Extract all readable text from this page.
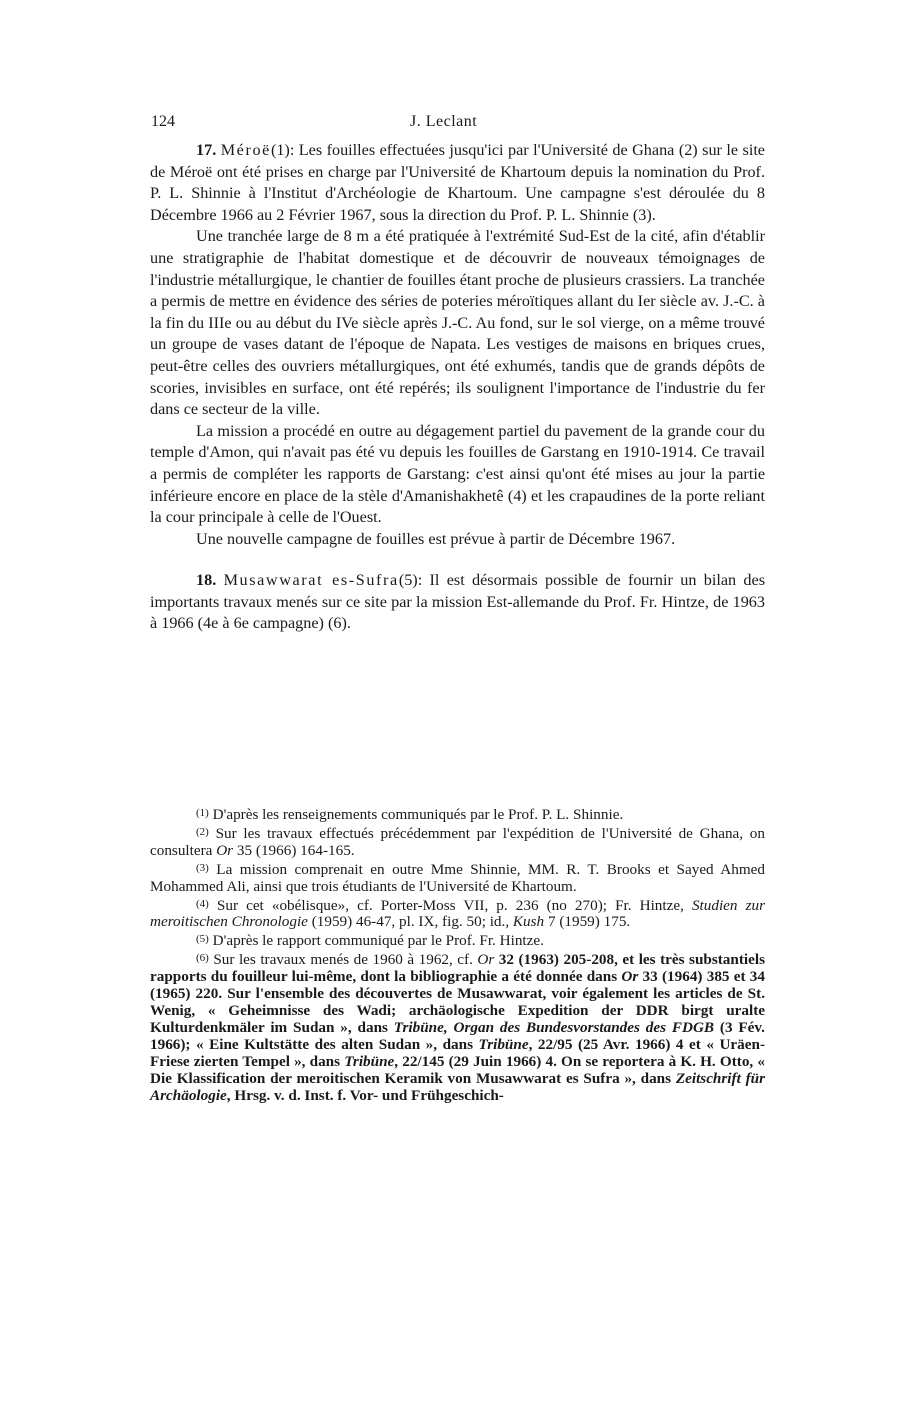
124	J. Leclant

17. Méroë(1): Les fouilles effectuées jusqu'ici par l'Université de Ghana (2) sur le site de Méroë ont été prises en charge par l'Université de Khartoum depuis la nomination du Prof. P. L. Shinnie à l'Institut d'Archéologie de Khartoum. Une campagne s'est déroulée du 8 Décembre 1966 au 2 Février 1967, sous la direction du Prof. P. L. Shinnie (3).

Une tranchée large de 8 m a été pratiquée à l'extrémité Sud-Est de la cité, afin d'établir une stratigraphie de l'habitat domestique et de découvrir de nouveaux témoignages de l'industrie métallurgique, le chantier de fouilles étant proche de plusieurs crassiers. La tranchée a permis de mettre en évidence des séries de poteries méroïtiques allant du Ier siècle av. J.-C. à la fin du IIIe ou au début du IVe siècle après J.-C. Au fond, sur le sol vierge, on a même trouvé un groupe de vases datant de l'époque de Napata. Les vestiges de maisons en briques crues, peut-être celles des ouvriers métallurgiques, ont été exhumés, tandis que de grands dépôts de scories, invisibles en surface, ont été repérés; ils soulignent l'importance de l'industrie du fer dans ce secteur de la ville.

La mission a procédé en outre au dégagement partiel du pavement de la grande cour du temple d'Amon, qui n'avait pas été vu depuis les fouilles de Garstang en 1910-1914. Ce travail a permis de compléter les rapports de Garstang: c'est ainsi qu'ont été mises au jour la partie inférieure encore en place de la stèle d'Amanishakhetê (4) et les crapaudines de la porte reliant la cour principale à celle de l'Ouest.

Une nouvelle campagne de fouilles est prévue à partir de Décembre 1967.

18. Musawwarat es-Sufra(5): Il est désormais possible de fournir un bilan des importants travaux menés sur ce site par la mission Est-allemande du Prof. Fr. Hintze, de 1963 à 1966 (4e à 6e campagne) (6).

(1) D'après les renseignements communiqués par le Prof. P. L. Shinnie.

(2) Sur les travaux effectués précédemment par l'expédition de l'Université de Ghana, on consultera Or 35 (1966) 164-165.

(3) La mission comprenait en outre Mme Shinnie, MM. R. T. Brooks et Sayed Ahmed Mohammed Ali, ainsi que trois étudiants de l'Université de Khartoum.

(4) Sur cet «obélisque», cf. Porter-Moss VII, p. 236 (no 270); Fr. Hintze, Studien zur meroitischen Chronologie (1959) 46-47, pl. IX, fig. 50; id., Kush 7 (1959) 175.

(5) D'après le rapport communiqué par le Prof. Fr. Hintze.

(6) Sur les travaux menés de 1960 à 1962, cf. Or 32 (1963) 205-208, et les très substantiels rapports du fouilleur lui-même, dont la bibliographie a été donnée dans Or 33 (1964) 385 et 34 (1965) 220. Sur l'ensemble des découvertes de Musawwarat, voir également les articles de St. Wenig, « Geheimnisse des Wadi; archäologische Expedition der DDR birgt uralte Kulturdenkmäler im Sudan », dans Tribüne, Organ des Bundesvorstandes des FDGB (3 Fév. 1966); « Eine Kultstätte des alten Sudan », dans Tribüne, 22/95 (25 Avr. 1966) 4 et « Uräen-Friese zierten Tempel », dans Tribüne, 22/145 (29 Juin 1966) 4. On se reportera à K. H. Otto, « Die Klassification der meroitischen Keramik von Musawwarat es Sufra », dans Zeitschrift für Archäologie, Hrsg. v. d. Inst. f. Vor- und Frühgeschich-
